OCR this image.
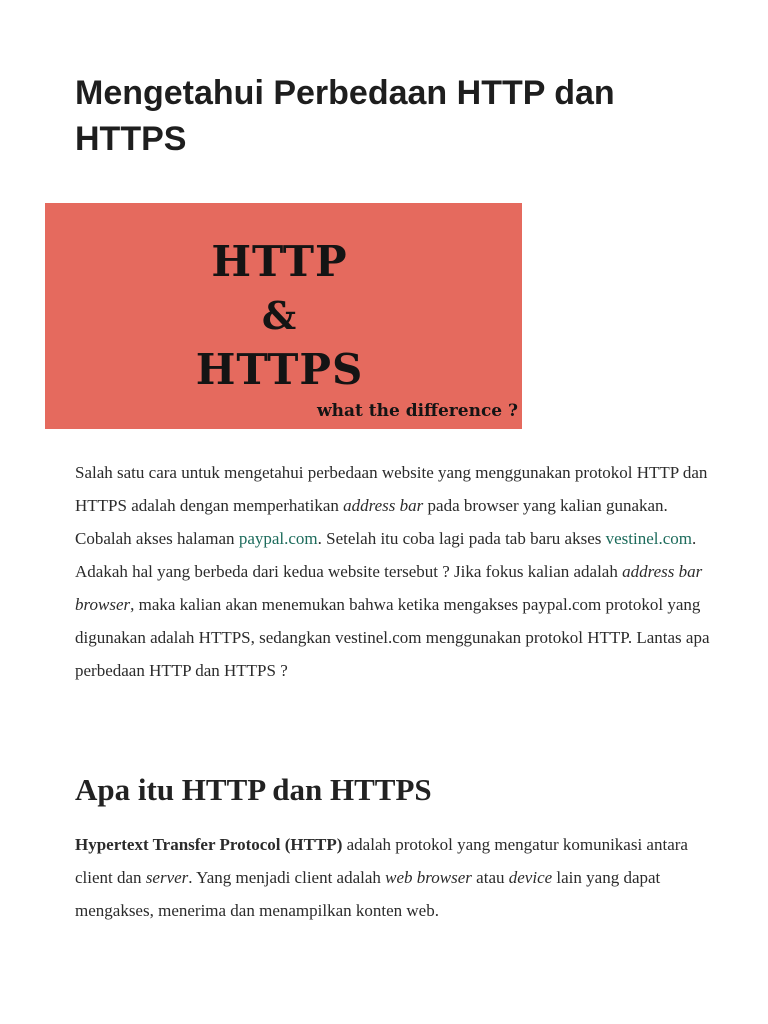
Mengetahui Perbedaan HTTP dan HTTPS
HTTP
&
HTTPS
what the difference ?

Salah satu cara untuk mengetahui perbedaan website yang menggunakan protokol HTTP dan HTTPS adalah dengan memperhatikan address bar pada browser yang kalian gunakan. Cobalah akses halaman paypal.com. Setelah itu coba lagi pada tab baru akses vestinel.com. Adakah hal yang berbeda dari kedua website tersebut ? Jika fokus kalian adalah address bar browser, maka kalian akan menemukan bahwa ketika mengakses paypal.com protokol yang digunakan adalah HTTPS, sedangkan vestinel.com menggunakan protokol HTTP. Lantas apa perbedaan HTTP dan HTTPS ?

Apa itu HTTP dan HTTPS

Hypertext Transfer Protocol (HTTP) adalah protokol yang mengatur komunikasi antara client dan server. Yang menjadi client adalah web browser atau device lain yang dapat mengakses, menerima dan menampilkan konten web.
